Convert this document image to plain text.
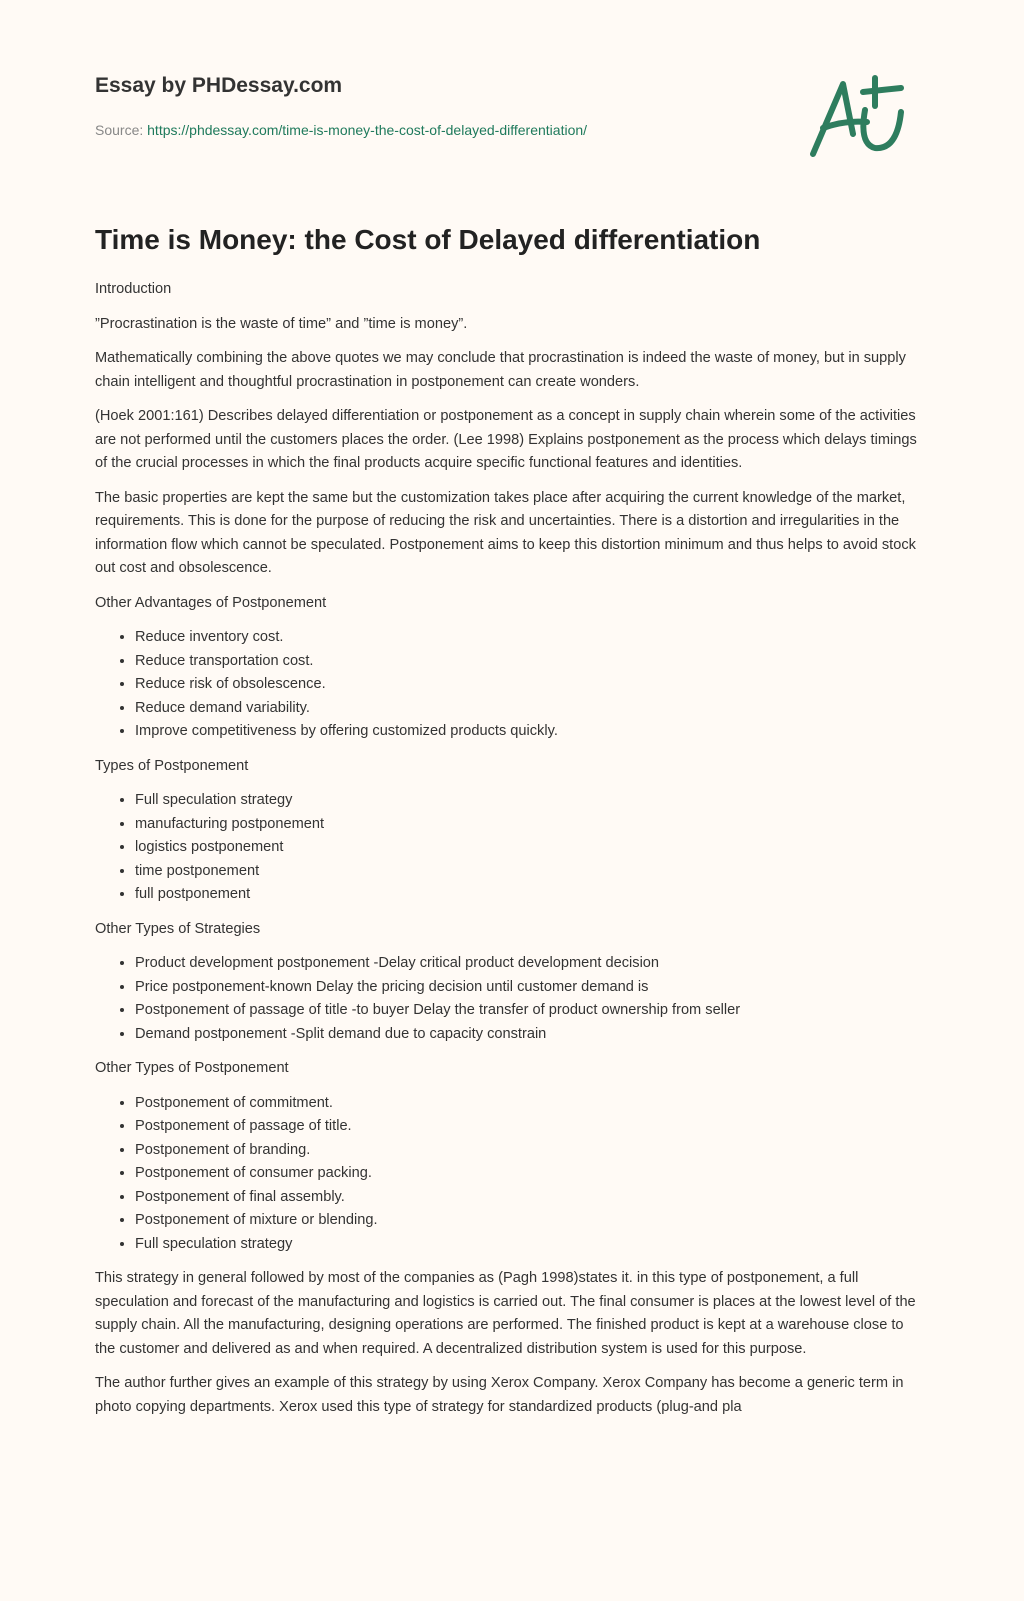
Essay by PHDessay.com
Source: https://phdessay.com/time-is-money-the-cost-of-delayed-differentiation/
Time is Money: the Cost of Delayed differentiation

Introduction

”Procrastination is the waste of time” and ”time is money”.

Mathematically combining the above quotes we may conclude that procrastination is indeed the waste of money, but in supply chain intelligent and thoughtful procrastination in postponement can create wonders.

(Hoek 2001:161) Describes delayed differentiation or postponement as a concept in supply chain wherein some of the activities are not performed until the customers places the order. (Lee 1998) Explains postponement as the process which delays timings of the crucial processes in which the final products acquire specific functional features and identities.

The basic properties are kept the same but the customization takes place after acquiring the current knowledge of the market, requirements. This is done for the purpose of reducing the risk and uncertainties. There is a distortion and irregularities in the information flow which cannot be speculated. Postponement aims to keep this distortion minimum and thus helps to avoid stock out cost and obsolescence.

Other Advantages of Postponement

• Reduce inventory cost.
• Reduce transportation cost.
• Reduce risk of obsolescence.
• Reduce demand variability.
• Improve competitiveness by offering customized products quickly.

Types of Postponement

• Full speculation strategy
• manufacturing postponement
• logistics postponement
• time postponement
• full postponement

Other Types of Strategies

• Product development postponement -Delay critical product development decision
• Price postponement-known Delay the pricing decision until customer demand is
• Postponement of passage of title -to buyer Delay the transfer of product ownership from seller
• Demand postponement -Split demand due to capacity constrain

Other Types of Postponement

• Postponement of commitment.
• Postponement of passage of title.
• Postponement of branding.
• Postponement of consumer packing.
• Postponement of final assembly.
• Postponement of mixture or blending.
• Full speculation strategy

This strategy in general followed by most of the companies as (Pagh 1998)states it. in this type of postponement, a full speculation and forecast of the manufacturing and logistics is carried out. The final consumer is places at the lowest level of the supply chain. All the manufacturing, designing operations are performed. The finished product is kept at a warehouse close to the customer and delivered as and when required. A decentralized distribution system is used for this purpose.

The author further gives an example of this strategy by using Xerox Company. Xerox Company has become a generic term in photo copying departments. Xerox used this type of strategy for standardized products (plug-and pla
